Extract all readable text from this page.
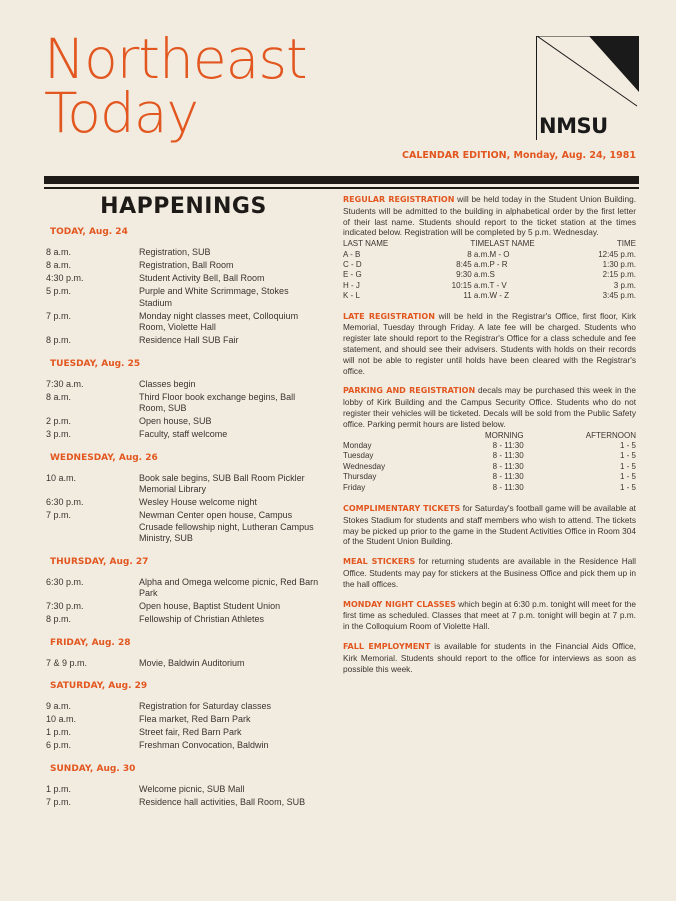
Northeast
Today	NMSU
CALENDAR EDITION, Monday, Aug. 24, 1981
HAPPENINGS
TODAY, Aug. 24
8 a.m.	Registration, SUB
8 a.m.	Registration, Ball Room
4:30 p.m.	Student Activity Bell, Ball Room
5 p.m.	Purple and White Scrimmage, Stokes Stadium
7 p.m.	Monday night classes meet, Colloquium Room, Violette Hall
8 p.m.	Residence Hall SUB Fair
TUESDAY, Aug. 25
7:30 a.m.	Classes begin
8 a.m.	Third Floor book exchange begins, Ball Room, SUB
2 p.m.	Open house, SUB
3 p.m.	Faculty, staff welcome
WEDNESDAY, Aug. 26
10 a.m.	Book sale begins, SUB Ball Room Pickler Memorial Library
6:30 p.m.	Wesley House welcome night
7 p.m.	Newman Center open house, Campus Crusade fellowship night, Lutheran Campus Ministry, SUB
THURSDAY, Aug. 27
6:30 p.m.	Alpha and Omega welcome picnic, Red Barn Park
7:30 p.m.	Open house, Baptist Student Union
8 p.m.	Fellowship of Christian Athletes
FRIDAY, Aug. 28
7 & 9 p.m.	Movie, Baldwin Auditorium
SATURDAY, Aug. 29
9 a.m.	Registration for Saturday classes
10 a.m.	Flea market, Red Barn Park
1 p.m.	Street fair, Red Barn Park
6 p.m.	Freshman Convocation, Baldwin
SUNDAY, Aug. 30
1 p.m.	Welcome picnic, SUB Mall
7 p.m.	Residence hall activities, Ball Room, SUB
REGULAR REGISTRATION will be held today in the Student Union Building. Students will be admitted to the building in alphabetical order by the first letter of their last name. Students should report to the ticket station at the times indicated below. Registration will be completed by 5 p.m. Wednesday.
LAST NAME	TIME	LAST NAME	TIME
A - B	8 a.m.	M - O	12:45 p.m.
C - D	8:45 a.m.	P - R	1:30 p.m.
E - G	9:30 a.m.	S	2:15 p.m.
H - J	10:15 a.m.	T - V	3 p.m.
K - L	11 a.m.	W - Z	3:45 p.m.
LATE REGISTRATION will be held in the Registrar's Office, first floor, Kirk Memorial, Tuesday through Friday. A late fee will be charged. Students who register late should report to the Registrar's Office for a class schedule and fee statement, and should see their advisers. Students with holds on their records will not be able to register until holds have been cleared with the Registrar's office.
PARKING AND REGISTRATION decals may be purchased this week in the lobby of Kirk Building and the Campus Security Office. Students who do not register their vehicles will be ticketed. Decals will be sold from the Public Safety office. Parking permit hours are listed below.
	MORNING	AFTERNOON
Monday	8 - 11:30	1 - 5
Tuesday	8 - 11:30	1 - 5
Wednesday	8 - 11:30	1 - 5
Thursday	8 - 11:30	1 - 5
Friday	8 - 11:30	1 - 5
COMPLIMENTARY TICKETS for Saturday's football game will be available at Stokes Stadium for students and staff members who wish to attend. The tickets may be picked up prior to the game in the Student Activities Office in Room 304 of the Student Union Building.
MEAL STICKERS for returning students are available in the Residence Hall Office. Students may pay for stickers at the Business Office and pick them up in the hall offices.
MONDAY NIGHT CLASSES which begin at 6:30 p.m. tonight will meet for the first time as scheduled. Classes that meet at 7 p.m. tonight will begin at 7 p.m. in the Colloquium Room of Violette Hall.
FALL EMPLOYMENT is available for students in the Financial Aids Office, Kirk Memorial. Students should report to the office for interviews as soon as possible this week.
